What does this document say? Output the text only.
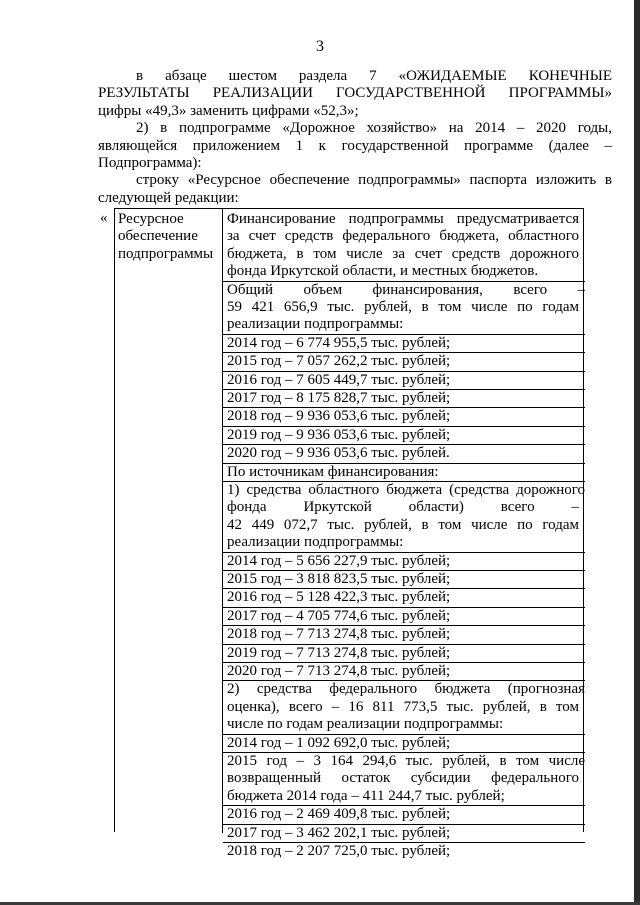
3
в абзаце шестом раздела 7 «ОЖИДАЕМЫЕ КОНЕЧНЫЕ
РЕЗУЛЬТАТЫ РЕАЛИЗАЦИИ ГОСУДАРСТВЕННОЙ ПРОГРАММЫ»
цифры «49,3» заменить цифрами «52,3»;
2) в подпрограмме «Дорожное хозяйство» на 2014 – 2020 годы,
являющейся приложением 1 к государственной программе (далее –
Подпрограмма):
строку «Ресурсное обеспечение подпрограммы» паспорта изложить в
следующей редакции:
« Ресурсное
обеспечение
подпрограммы
Финансирование подпрограммы предусматривается
за счет средств федерального бюджета, областного
бюджета, в том числе за счет средств дорожного
фонда Иркутской области, и местных бюджетов.
Общий объем финансирования, всего –
59 421 656,9 тыс. рублей, в том числе по годам
реализации подпрограммы:
2014 год – 6 774 955,5 тыс. рублей;
2015 год – 7 057 262,2 тыс. рублей;
2016 год – 7 605 449,7 тыс. рублей;
2017 год – 8 175 828,7 тыс. рублей;
2018 год – 9 936 053,6 тыс. рублей;
2019 год – 9 936 053,6 тыс. рублей;
2020 год – 9 936 053,6 тыс. рублей.
По источникам финансирования:
1) средства областного бюджета (средства дорожного
фонда Иркутской области) всего –
42 449 072,7 тыс. рублей, в том числе по годам
реализации подпрограммы:
2014 год – 5 656 227,9 тыс. рублей;
2015 год – 3 818 823,5 тыс. рублей;
2016 год – 5 128 422,3 тыс. рублей;
2017 год – 4 705 774,6 тыс. рублей;
2018 год – 7 713 274,8 тыс. рублей;
2019 год – 7 713 274,8 тыс. рублей;
2020 год – 7 713 274,8 тыс. рублей;
2) средства федерального бюджета (прогнозная
оценка), всего – 16 811 773,5 тыс. рублей, в том
числе по годам реализации подпрограммы:
2014 год – 1 092 692,0 тыс. рублей;
2015 год – 3 164 294,6 тыс. рублей, в том числе
возвращенный остаток субсидии федерального
бюджета 2014 года – 411 244,7 тыс. рублей;
2016 год – 2 469 409,8 тыс. рублей;
2017 год – 3 462 202,1 тыс. рублей;
2018 год – 2 207 725,0 тыс. рублей;
